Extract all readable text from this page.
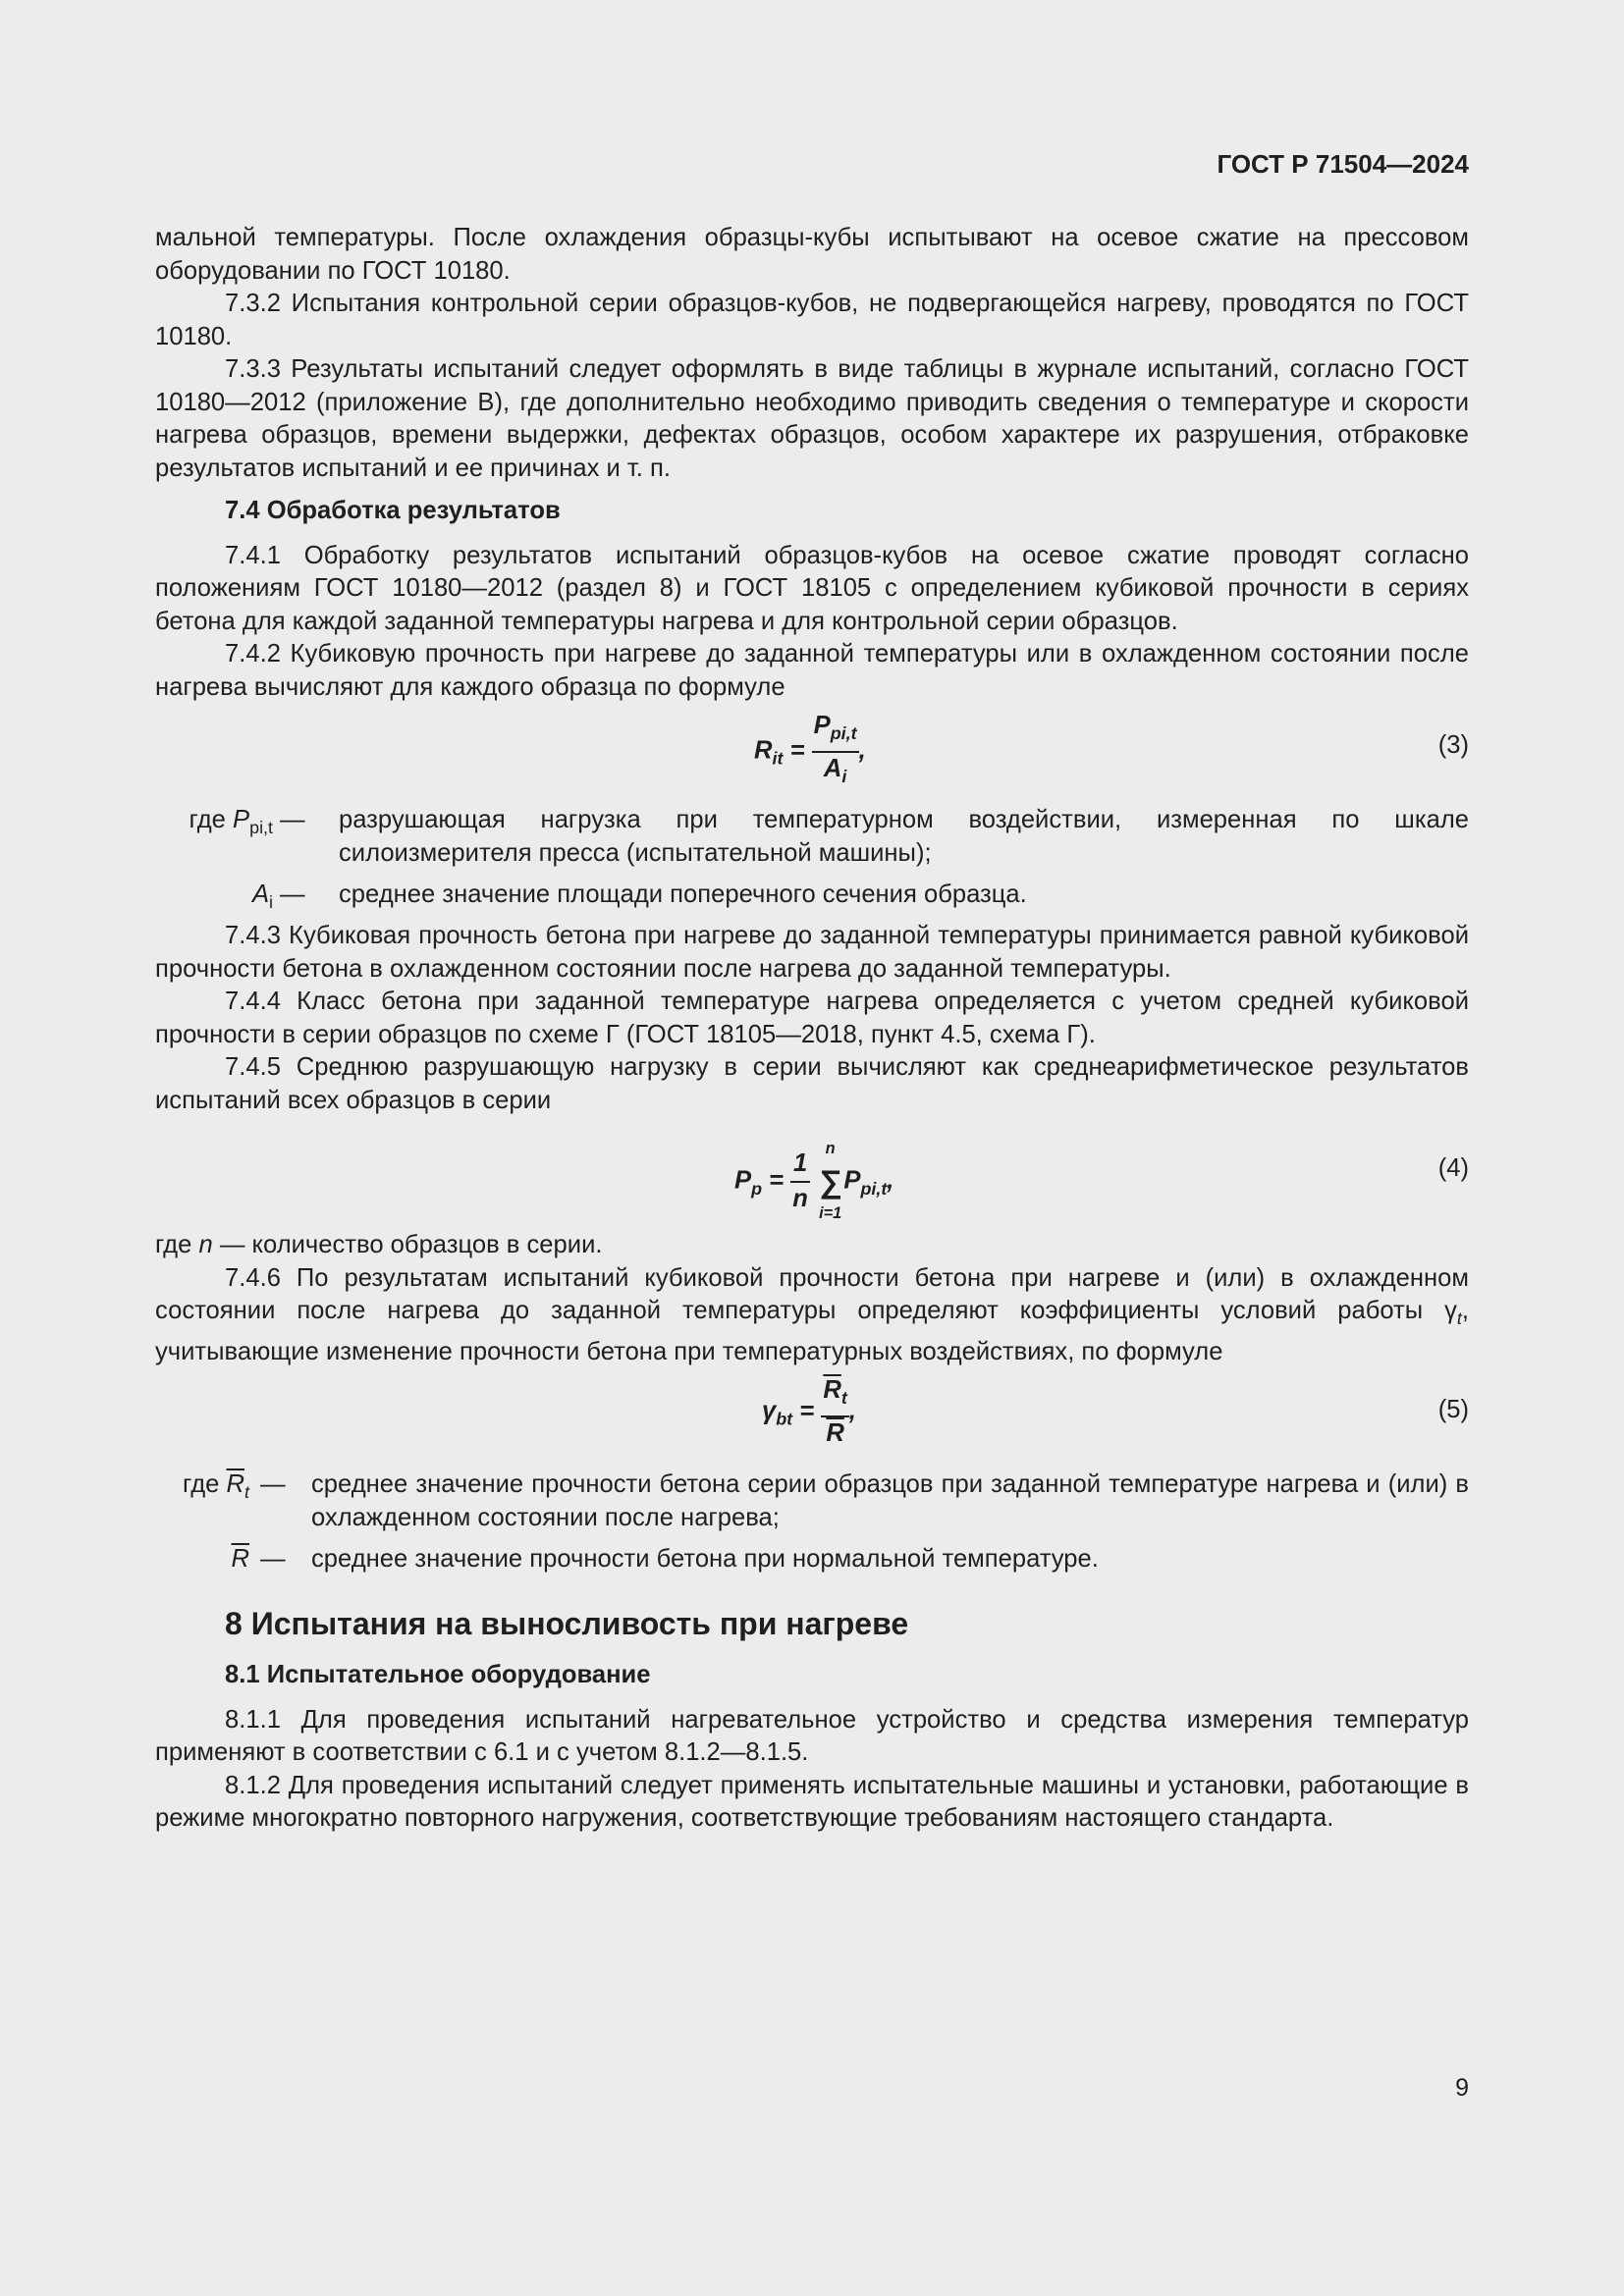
ГОСТ Р 71504—2024

мальной температуры. После охлаждения образцы-кубы испытывают на осевое сжатие на прессовом оборудовании по ГОСТ 10180.

7.3.2 Испытания контрольной серии образцов-кубов, не подвергающейся нагреву, проводятся по ГОСТ 10180.

7.3.3 Результаты испытаний следует оформлять в виде таблицы в журнале испытаний, согласно ГОСТ 10180—2012 (приложение В), где дополнительно необходимо приводить сведения о температуре и скорости нагрева образцов, времени выдержки, дефектах образцов, особом характере их разрушения, отбраковке результатов испытаний и ее причинах и т. п.

7.4 Обработка результатов

7.4.1 Обработку результатов испытаний образцов-кубов на осевое сжатие проводят согласно положениям ГОСТ 10180—2012 (раздел 8) и ГОСТ 18105 с определением кубиковой прочности в сериях бетона для каждой заданной температуры нагрева и для контрольной серии образцов.

7.4.2 Кубиковую прочность при нагреве до заданной температуры или в охлажденном состоянии после нагрева вычисляют для каждого образца по формуле

$R_{it}$ =
$P_{pi,t}$
$A_i$
,	(3)
где $P_{pi,t}$ — разрушающая нагрузка при температурном воздействии, измеренная по шкале силоизмерителя пресса (испытательной машины);
$A_i$ — среднее значение площади поперечного сечения образца.

7.4.3 Кубиковая прочность бетона при нагреве до заданной температуры принимается равной кубиковой прочности бетона в охлажденном состоянии после нагрева до заданной температуры.

7.4.4 Класс бетона при заданной температуре нагрева определяется с учетом средней кубиковой прочности в серии образцов по схеме Г (ГОСТ 18105—2018, пункт 4.5, схема Г).

7.4.5 Среднюю разрушающую нагрузку в серии вычисляют как среднеарифметическое результатов испытаний всех образцов в серии

$P_p = \frac{1}{n}$
n
∑
i=1
$P_{pi,t}$,	(4)

где n — количество образцов в серии.

7.4.6 По результатам испытаний кубиковой прочности бетона при нагреве и (или) в охлажденном состоянии после нагрева до заданной температуры определяют коэффициенты условий работы $\gamma_t$, учитывающие изменение прочности бетона при температурных воздействиях, по формуле

$\gamma_{bt} = \frac{\overline{R}_t}{R}$ ,	(5)
где $\overline{R}_t$ — среднее значение прочности бетона серии образцов при заданной температуре нагрева и (или) в охлажденном состоянии после нагрева;
$\overline{R}$ — среднее значение прочности бетона при нормальной температуре.
8 Испытания на выносливость при нагреве
8.1 Испытательное оборудование

8.1.1 Для проведения испытаний нагревательное устройство и средства измерения температур применяют в соответствии с 6.1 и с учетом 8.1.2—8.1.5.

8.1.2 Для проведения испытаний следует применять испытательные машины и установки, работающие в режиме многократно повторного нагружения, соответствующие требованиям настоящего стандарта.

9
